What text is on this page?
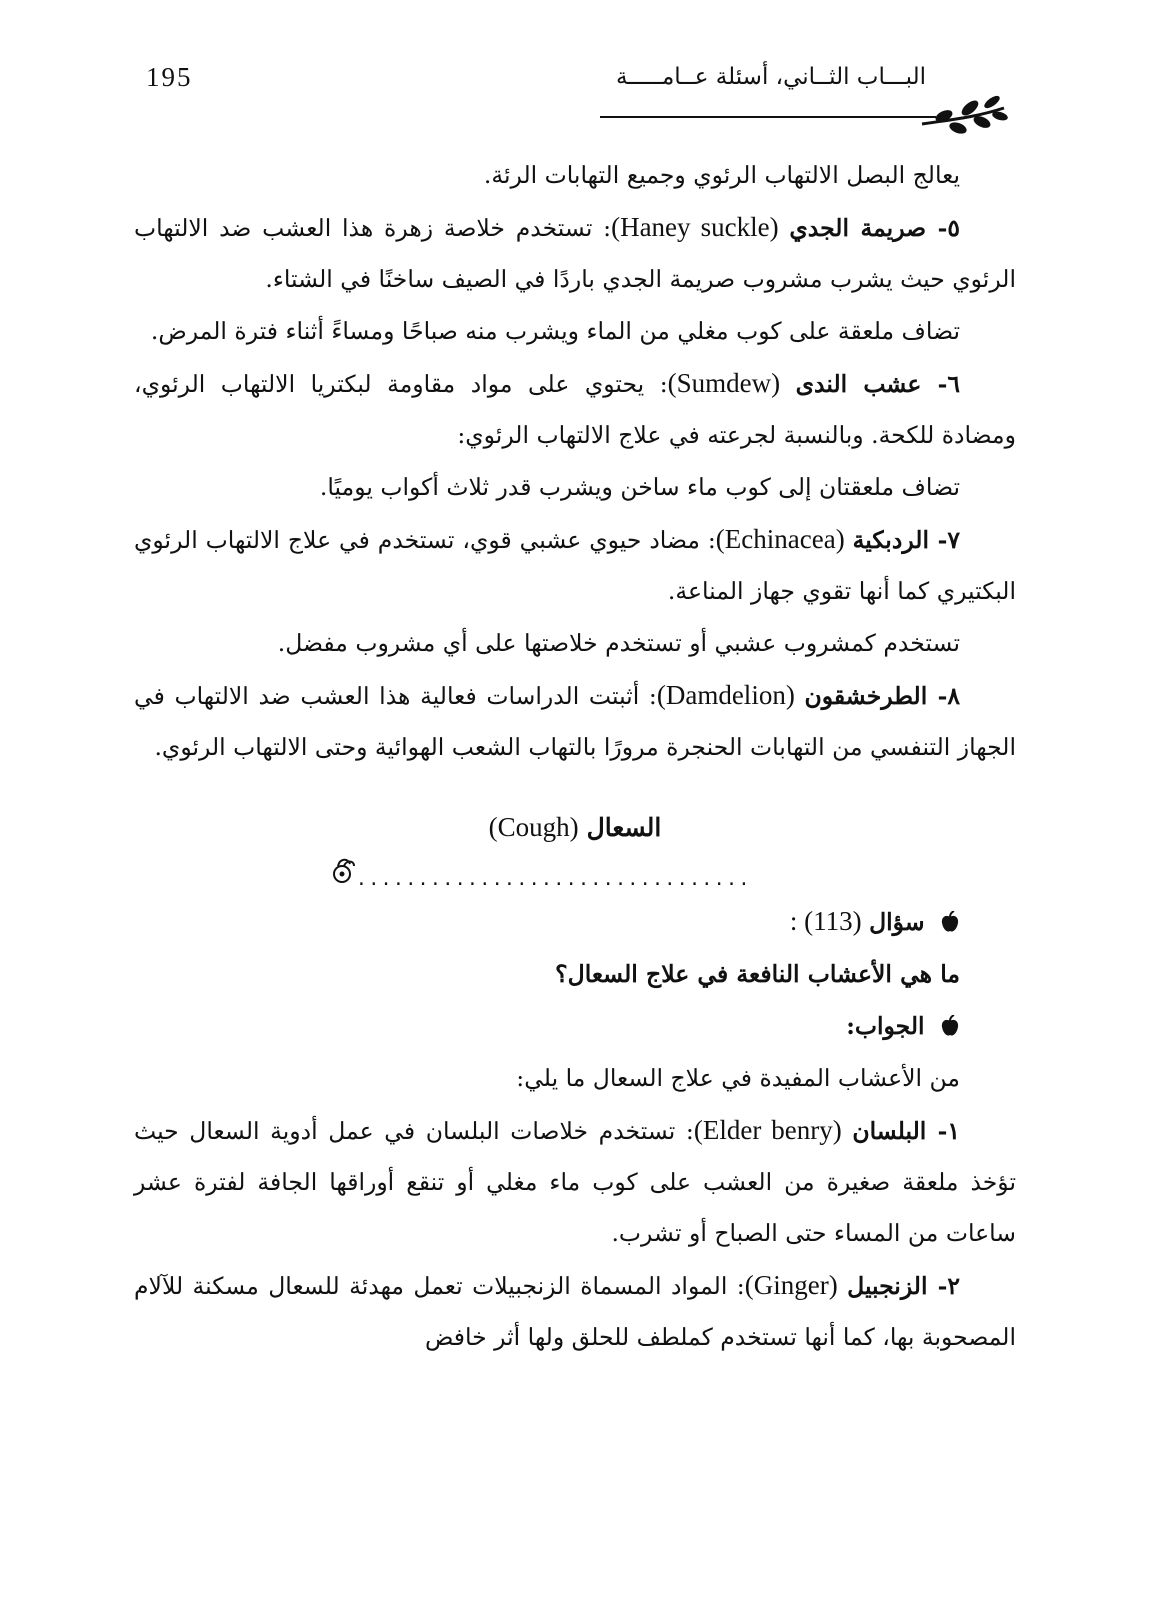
195	البـــاب الثــاني، أسئلة عــامـــــة

يعالج البصل الالتهاب الرئوي وجميع التهابات الرئة.

٥- صريمة الجدي (Haney suckle): تستخدم خلاصة زهرة هذا العشب ضد الالتهاب الرئوي حيث يشرب مشروب صريمة الجدي باردًا في الصيف ساخنًا في الشتاء.

تضاف ملعقة على كوب مغلي من الماء ويشرب منه صباحًا ومساءً أثناء فترة المرض.

٦- عشب الندى (Sumdew): يحتوي على مواد مقاومة لبكتريا الالتهاب الرئوي، ومضادة للكحة. وبالنسبة لجرعته في علاج الالتهاب الرئوي:

تضاف ملعقتان إلى كوب ماء ساخن ويشرب قدر ثلاث أكواب يوميًا.

٧- الردبكية (Echinacea): مضاد حيوي عشبي قوي، تستخدم في علاج الالتهاب الرئوي البكتيري كما أنها تقوي جهاز المناعة.

تستخدم كمشروب عشبي أو تستخدم خلاصتها على أي مشروب مفضل.

٨- الطرخشقون (Damdelion): أثبتت الدراسات فعالية هذا العشب ضد الالتهاب في الجهاز التنفسي من التهابات الحنجرة مرورًا بالتهاب الشعب الهوائية وحتى الالتهاب الرئوي.

السعال (Cough)
................................

سؤال (113) :

ما هي الأعشاب النافعة في علاج السعال؟

الجواب:

من الأعشاب المفيدة في علاج السعال ما يلي:

١- البلسان (Elder benry): تستخدم خلاصات البلسان في عمل أدوية السعال حيث تؤخذ ملعقة صغيرة من العشب على كوب ماء مغلي أو تنقع أوراقها الجافة لفترة عشر ساعات من المساء حتى الصباح أو تشرب.

٢- الزنجبيل (Ginger): المواد المسماة الزنجبيلات تعمل مهدئة للسعال مسكنة للآلام المصحوبة بها، كما أنها تستخدم كملطف للحلق ولها أثر خافض
